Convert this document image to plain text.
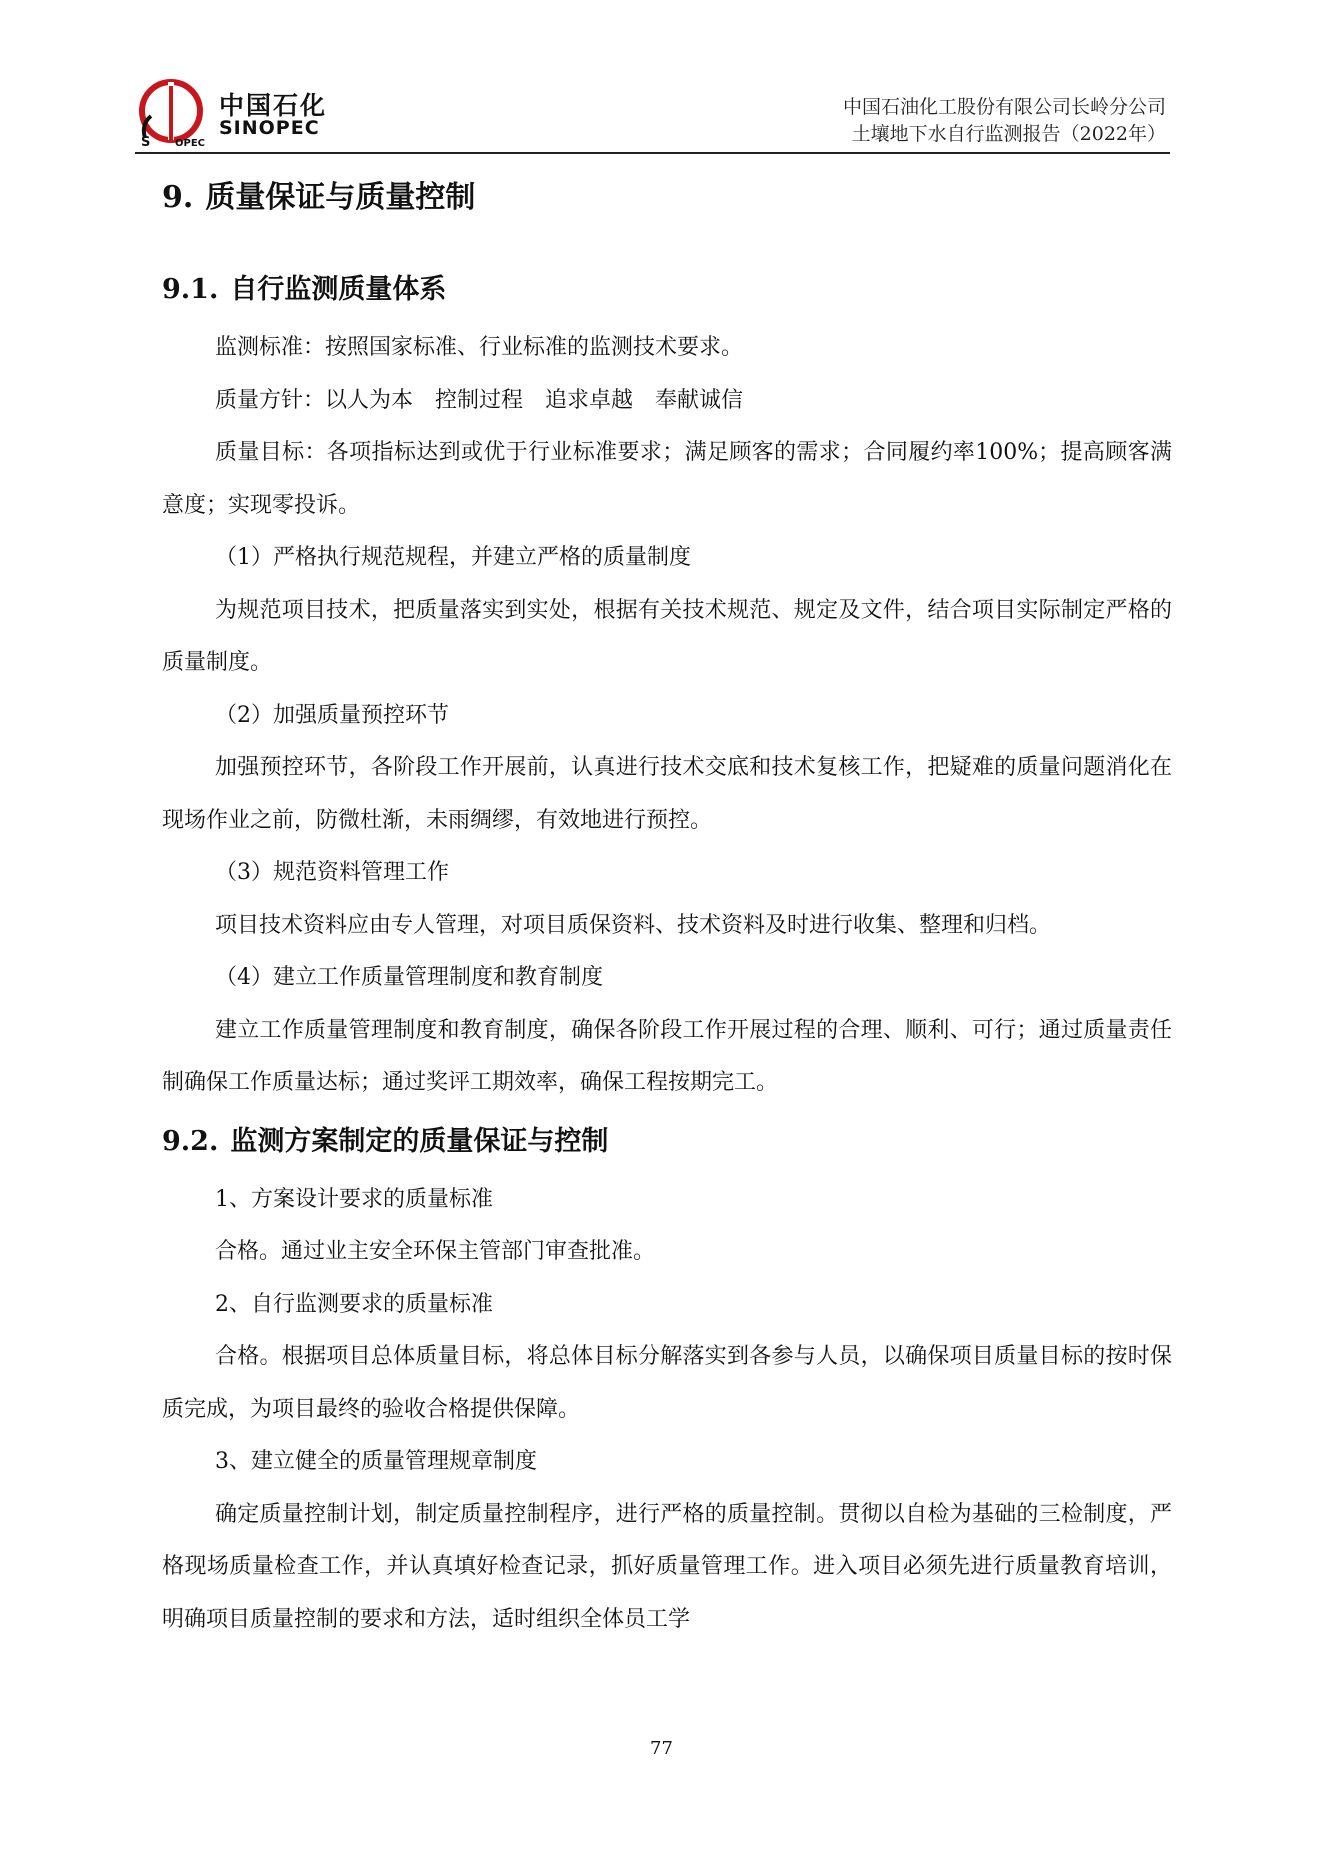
S OPEC
中国石化
SINOPEC
中国石油化工股份有限公司长岭分公司
土壤地下水自行监测报告（2022年）
9. 质量保证与质量控制
9.1. 自行监测质量体系

监测标准：按照国家标准、行业标准的监测技术要求。

质量方针：以人为本　控制过程　追求卓越　奉献诚信

质量目标：各项指标达到或优于行业标准要求；满足顾客的需求；合同履约率100%；提高顾客满意度；实现零投诉。

（1）严格执行规范规程，并建立严格的质量制度

为规范项目技术，把质量落实到实处，根据有关技术规范、规定及文件，结合项目实际制定严格的质量制度。

（2）加强质量预控环节

加强预控环节，各阶段工作开展前，认真进行技术交底和技术复核工作，把疑难的质量问题消化在现场作业之前，防微杜渐，未雨绸缪，有效地进行预控。

（3）规范资料管理工作

项目技术资料应由专人管理，对项目质保资料、技术资料及时进行收集、整理和归档。

（4）建立工作质量管理制度和教育制度

建立工作质量管理制度和教育制度，确保各阶段工作开展过程的合理、顺利、可行；通过质量责任制确保工作质量达标；通过奖评工期效率，确保工程按期完工。

9.2. 监测方案制定的质量保证与控制

1、方案设计要求的质量标准

合格。通过业主安全环保主管部门审查批准。

2、自行监测要求的质量标准

合格。根据项目总体质量目标，将总体目标分解落实到各参与人员，以确保项目质量目标的按时保质完成，为项目最终的验收合格提供保障。

3、建立健全的质量管理规章制度

确定质量控制计划，制定质量控制程序，进行严格的质量控制。贯彻以自检为基础的三检制度，严格现场质量检查工作，并认真填好检查记录，抓好质量管理工作。进入项目必须先进行质量教育培训，明确项目质量控制的要求和方法，适时组织全体员工学

77
